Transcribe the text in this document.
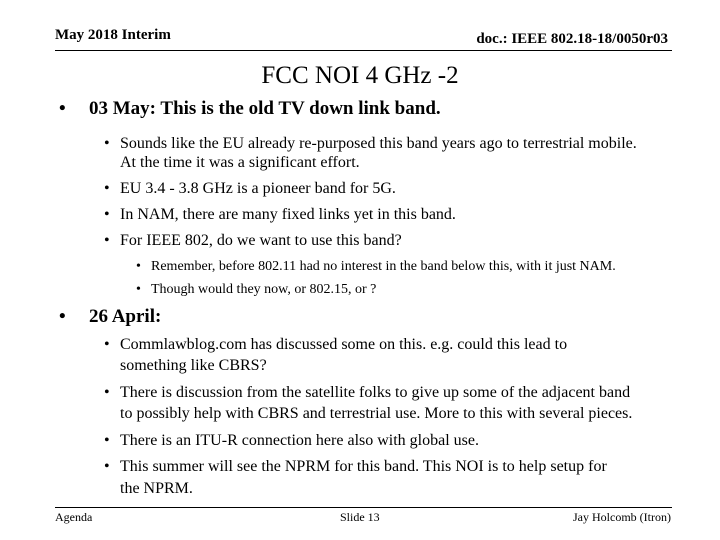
May 2018 Interim	doc.: IEEE 802.18-18/0050r03
FCC NOI 4 GHz -2
• 03 May: This is the old TV down link band.
• Sounds like the EU already re-purposed this band years ago to terrestrial mobile.
At the time it was a significant effort.
• EU 3.4 - 3.8 GHz is a pioneer band for 5G.
• In NAM, there are many fixed links yet in this band.
• For IEEE 802, do we want to use this band?
• Remember, before 802.11 had no interest in the band below this, with it just NAM.
• Though would they now, or 802.15, or ?
• 26 April:
• Commlawblog.com has discussed some on this. e.g. could this lead to
something like CBRS?
• There is discussion from the satellite folks to give up some of the adjacent band
to possibly help with CBRS and terrestrial use. More to this with several pieces.
• There is an ITU-R connection here also with global use.
• This summer will see the NPRM for this band. This NOI is to help setup for
the NPRM.
Agenda	Slide 13	Jay Holcomb (Itron)
